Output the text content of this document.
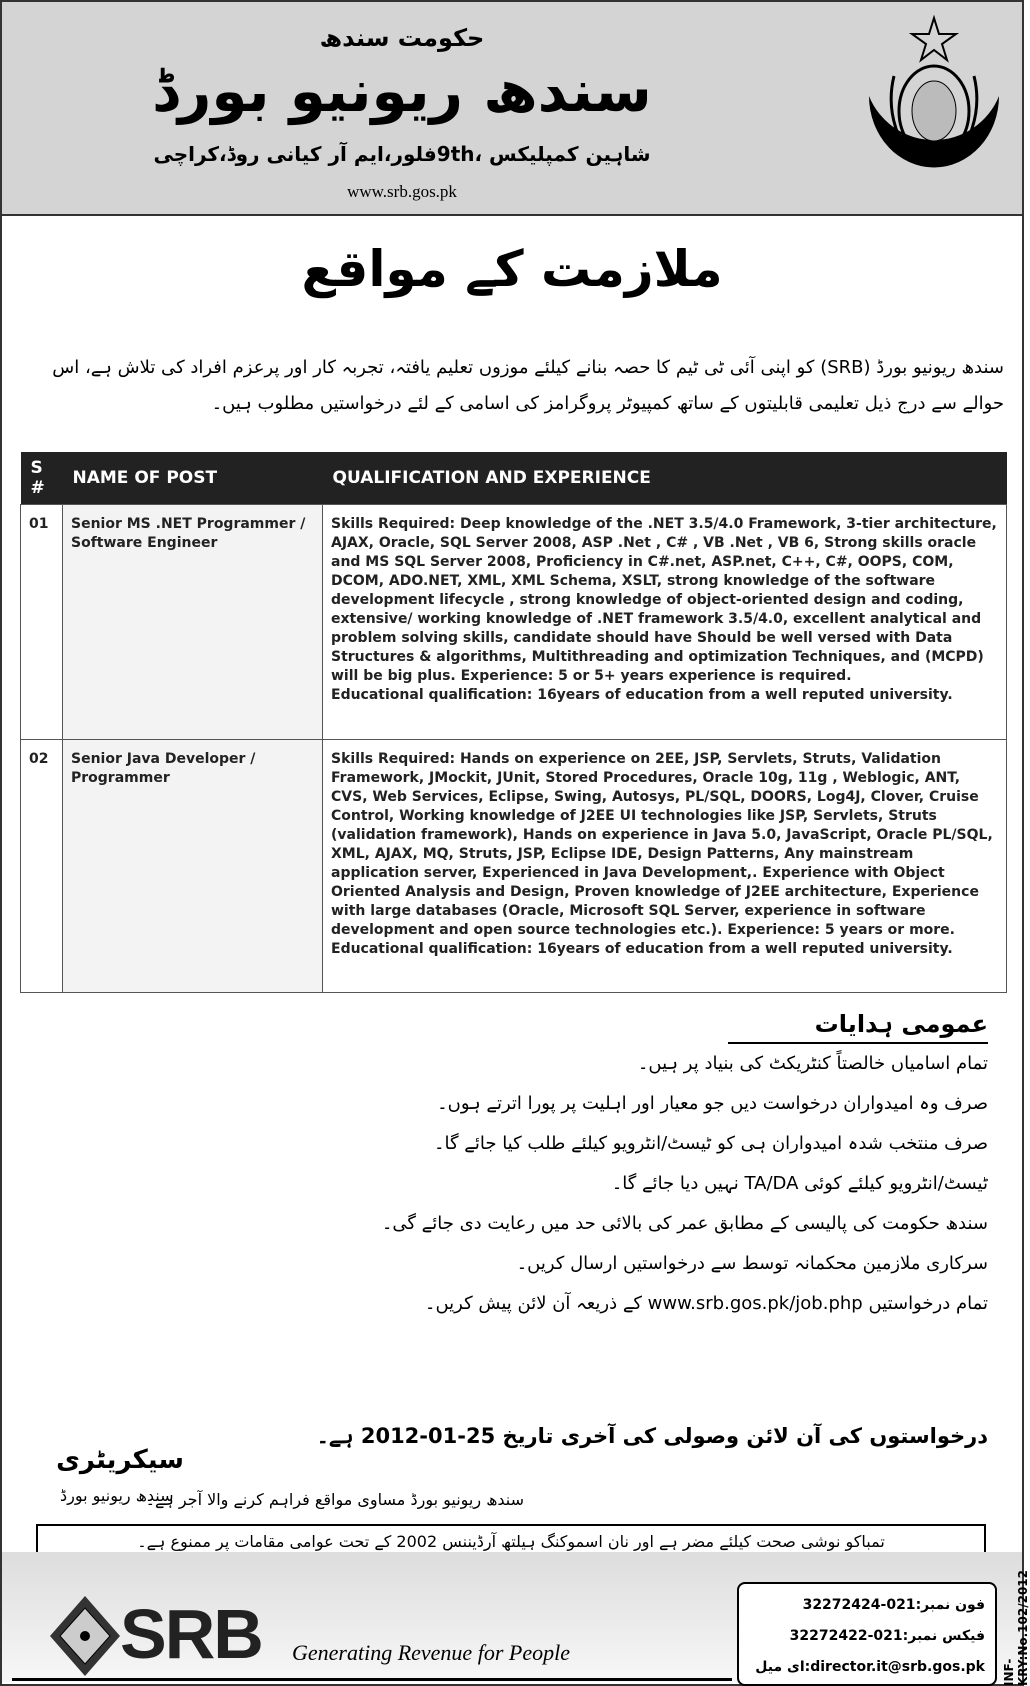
حکومت سندھ
سندھ ریونیو بورڈ
شاہین کمپلیکس ،9thفلور،ایم آر کیانی روڈ،کراچی
www.srb.gos.pk
ملازمت کے مواقع
سندھ ریونیو بورڈ (SRB) کو اپنی آئی ٹی ٹیم کا حصہ بنانے کیلئے موزوں تعلیم یافتہ، تجربہ کار اور پرعزم افراد کی تلاش ہے، اس حوالے سے درج ذیل تعلیمی قابلیتوں کے ساتھ کمپیوٹر پروگرامز کی اسامی کے لئے درخواستیں مطلوب ہیں۔
S #	NAME OF POST	QUALIFICATION AND EXPERIENCE
01	Senior MS .NET Programmer / Software Engineer	Skills Required: Deep knowledge of the .NET 3.5/4.0 Framework, 3-tier architecture, AJAX, Oracle, SQL Server 2008, ASP .Net , C# , VB .Net , VB 6, Strong skills oracle and MS SQL Server 2008, Proficiency in C#.net, ASP.net, C++, C#, OOPS, COM, DCOM, ADO.NET, XML, XML Schema, XSLT, strong knowledge of the software development lifecycle , strong knowledge of object-oriented design and coding, extensive/ working knowledge of .NET framework 3.5/4.0, excellent analytical and problem solving skills, candidate should have Should be well versed with Data Structures & algorithms, Multithreading and optimization Techniques, and (MCPD) will be big plus. Experience: 5 or 5+ years experience is required.
Educational qualification: 16years of education from a well reputed university.
02	Senior Java Developer / Programmer	Skills Required: Hands on experience on 2EE, JSP, Servlets, Struts, Validation Framework, JMockit, JUnit, Stored Procedures, Oracle 10g, 11g , Weblogic, ANT, CVS, Web Services, Eclipse, Swing, Autosys, PL/SQL, DOORS, Log4J, Clover, Cruise Control, Working knowledge of J2EE UI technologies like JSP, Servlets, Struts (validation framework), Hands on experience in Java 5.0, JavaScript, Oracle PL/SQL, XML, AJAX, MQ, Struts, JSP, Eclipse IDE, Design Patterns, Any mainstream application server, Experienced in Java Development,. Experience with Object Oriented Analysis and Design, Proven knowledge of J2EE architecture, Experience with large databases (Oracle, Microsoft SQL Server, experience in software development and open source technologies etc.). Experience: 5 years or more.
Educational qualification: 16years of education from a well reputed university.
عمومی ہدایات
تمام اسامیاں خالصتاً کنٹریکٹ کی بنیاد پر ہیں۔
صرف وہ امیدواران درخواست دیں جو معیار اور اہلیت پر پورا اترتے ہوں۔
صرف منتخب شدہ امیدواران ہی کو ٹیسٹ/انٹرویو کیلئے طلب کیا جائے گا۔
ٹیسٹ/انٹرویو کیلئے کوئی TA/DA نہیں دیا جائے گا۔
سندھ حکومت کی پالیسی کے مطابق عمر کی بالائی حد میں رعایت دی جائے گی۔
سرکاری ملازمین محکمانہ توسط سے درخواستیں ارسال کریں۔
تمام درخواستیں www.srb.gos.pk/job.php کے ذریعہ آن لائن پیش کریں۔
درخواستوں کی آن لائن وصولی کی آخری تاریخ 25-01-2012 ہے۔
سیکریٹری
سندھ ریونیو بورڈ
سندھ ریونیو بورڈ مساوی مواقع فراہم کرنے والا آجر ہے۔
تمباکو نوشی صحت کیلئے مضر ہے اور نان اسموکنگ ہیلتھ آرڈیننس 2002 کے تحت عوامی مقامات پر ممنوع ہے۔
SRB Generating Revenue for People
فون نمبر:021-32272424
فیکس نمبر:021-32272422
ای میل:director.it@srb.gos.pk INF-KRY:No.102/2012
